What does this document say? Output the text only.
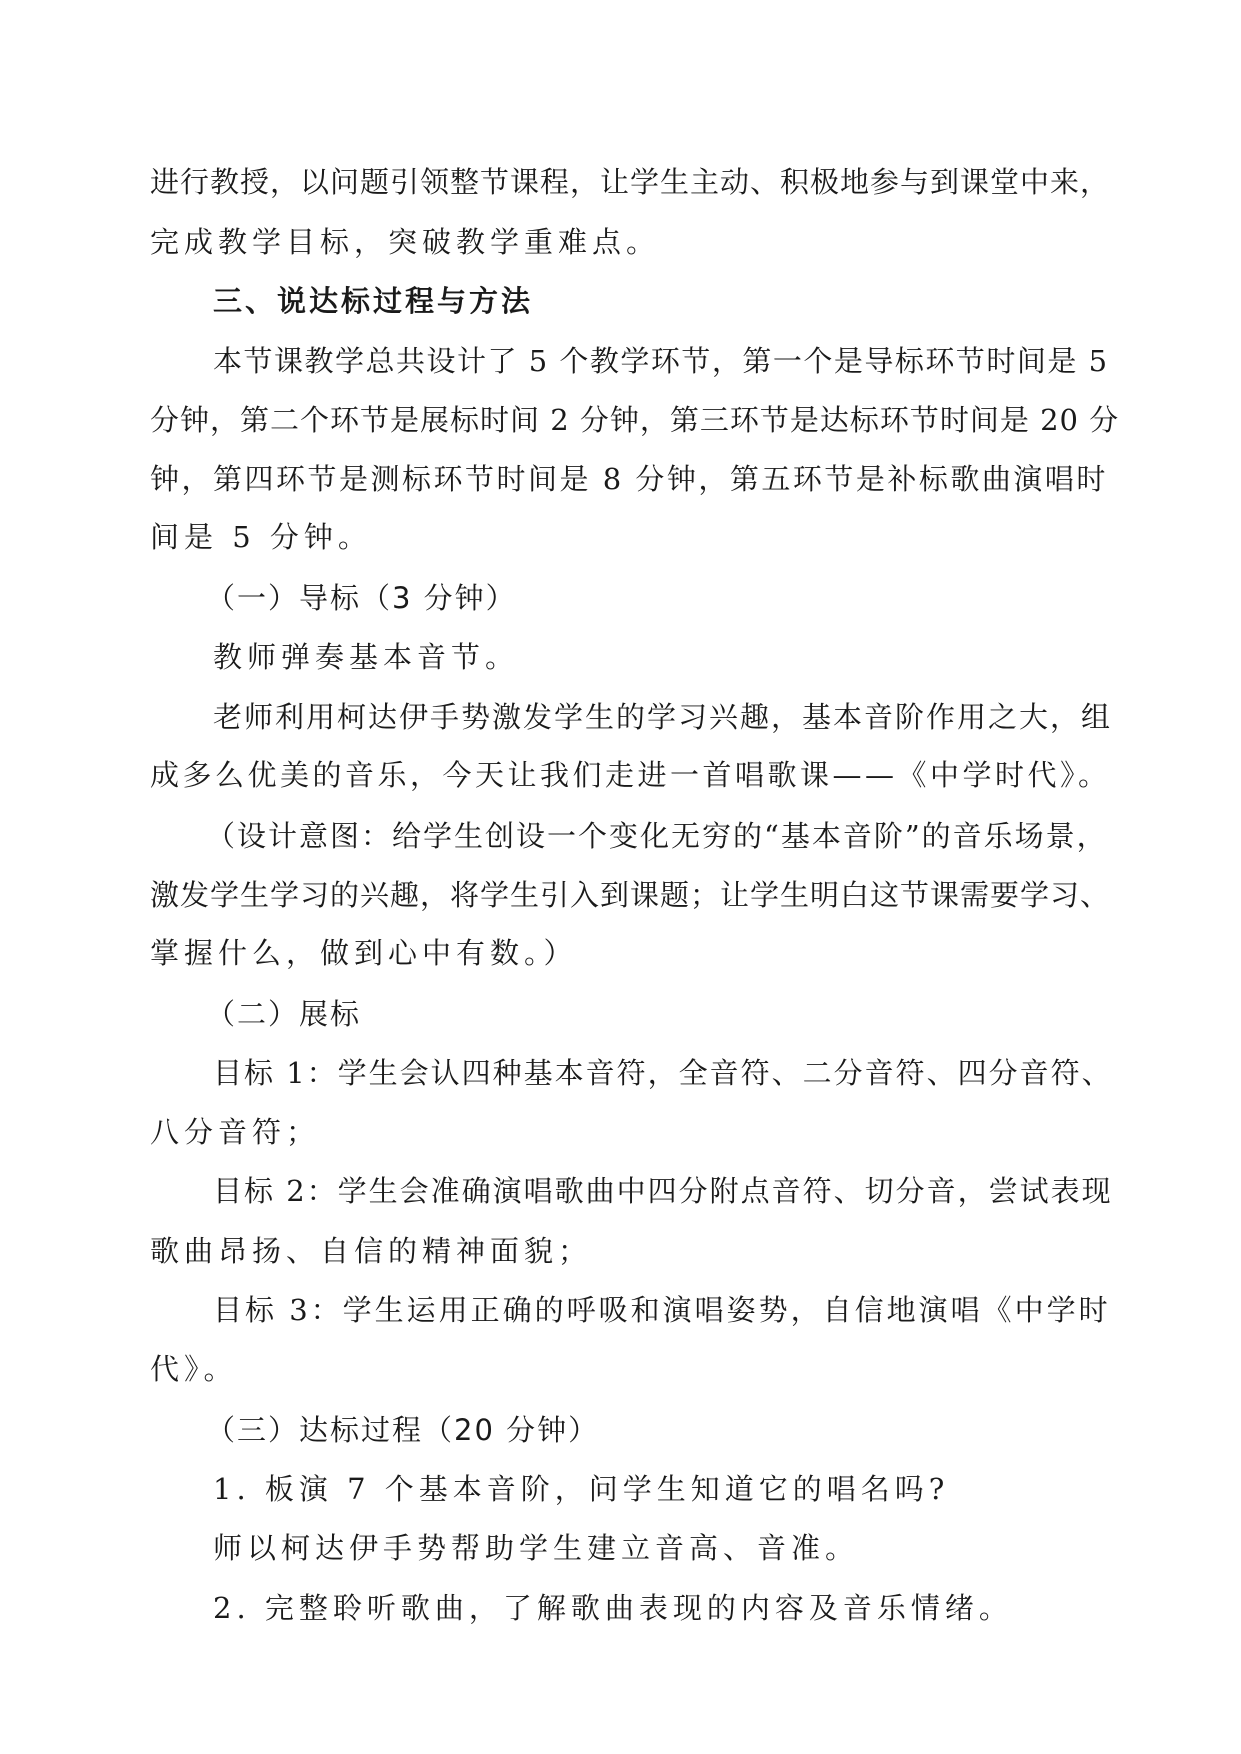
进行教授，以问题引领整节课程，让学生主动、积极地参与到课堂中来，
完成教学目标，突破教学重难点。
三、说达标过程与方法
本节课教学总共设计了 5 个教学环节，第一个是导标环节时间是 5
分钟，第二个环节是展标时间 2 分钟，第三环节是达标环节时间是 20 分
钟，第四环节是测标环节时间是 8 分钟，第五环节是补标歌曲演唱时
间是 5 分钟。
（一）导标（3 分钟）
教师弹奏基本音节。
老师利用柯达伊手势激发学生的学习兴趣，基本音阶作用之大，组
成多么优美的音乐，今天让我们走进一首唱歌课——《中学时代》。
（设计意图：给学生创设一个变化无穷的“基本音阶”的音乐场景，
激发学生学习的兴趣，将学生引入到课题；让学生明白这节课需要学习、
掌握什么，做到心中有数。）
（二）展标
目标 1：学生会认四种基本音符，全音符、二分音符、四分音符、
八分音符；
目标 2：学生会准确演唱歌曲中四分附点音符、切分音，尝试表现
歌曲昂扬、自信的精神面貌；
目标 3：学生运用正确的呼吸和演唱姿势，自信地演唱《中学时
代》。
（三）达标过程（20 分钟）
1. 板演 7 个基本音阶，问学生知道它的唱名吗?
师以柯达伊手势帮助学生建立音高、音准。
2. 完整聆听歌曲，了解歌曲表现的内容及音乐情绪。
